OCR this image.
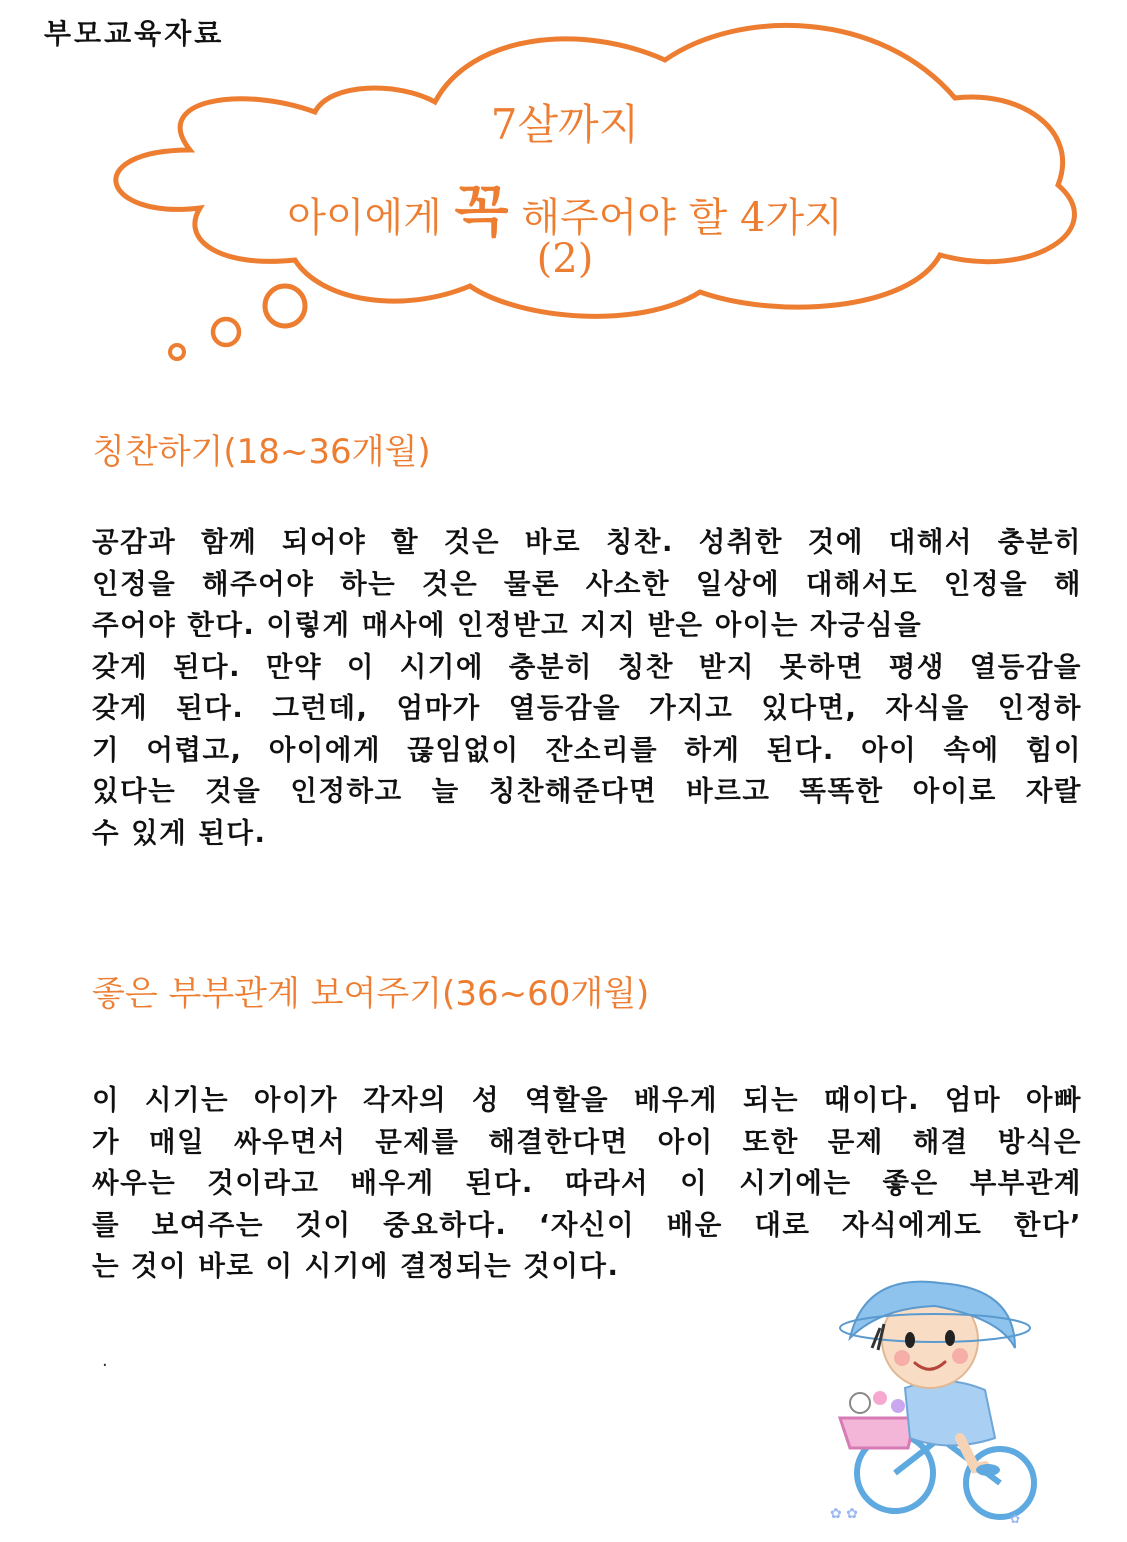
부모교육자료
7살까지
아이에게 꼭 해주어야 할 4가지
(2)
칭찬하기(18~36개월)
공감과 함께 되어야 할 것은 바로 칭찬. 성취한 것에 대해서 충분히
인정을 해주어야 하는 것은 물론 사소한 일상에 대해서도 인정을 해
주어야 한다. 이렇게 매사에 인정받고 지지 받은 아이는 자긍심을
갖게 된다. 만약 이 시기에 충분히 칭찬 받지 못하면 평생 열등감을
갖게 된다. 그런데, 엄마가 열등감을 가지고 있다면, 자식을 인정하
기 어렵고, 아이에게 끊임없이 잔소리를 하게 된다. 아이 속에 힘이
있다는 것을 인정하고 늘 칭찬해준다면 바르고 똑똑한 아이로 자랄
수 있게 된다.
좋은 부부관계 보여주기(36~60개월)
이 시기는 아이가 각자의 성 역할을 배우게 되는 때이다. 엄마 아빠
가 매일 싸우면서 문제를 해결한다면 아이 또한 문제 해결 방식은
싸우는 것이라고 배우게 된다. 따라서 이 시기에는 좋은 부부관계
를 보여주는 것이 중요하다. ‘자신이 배운 대로 자식에게도 한다’
는 것이 바로 이 시기에 결정되는 것이다.
.
✿ ✿	✿
